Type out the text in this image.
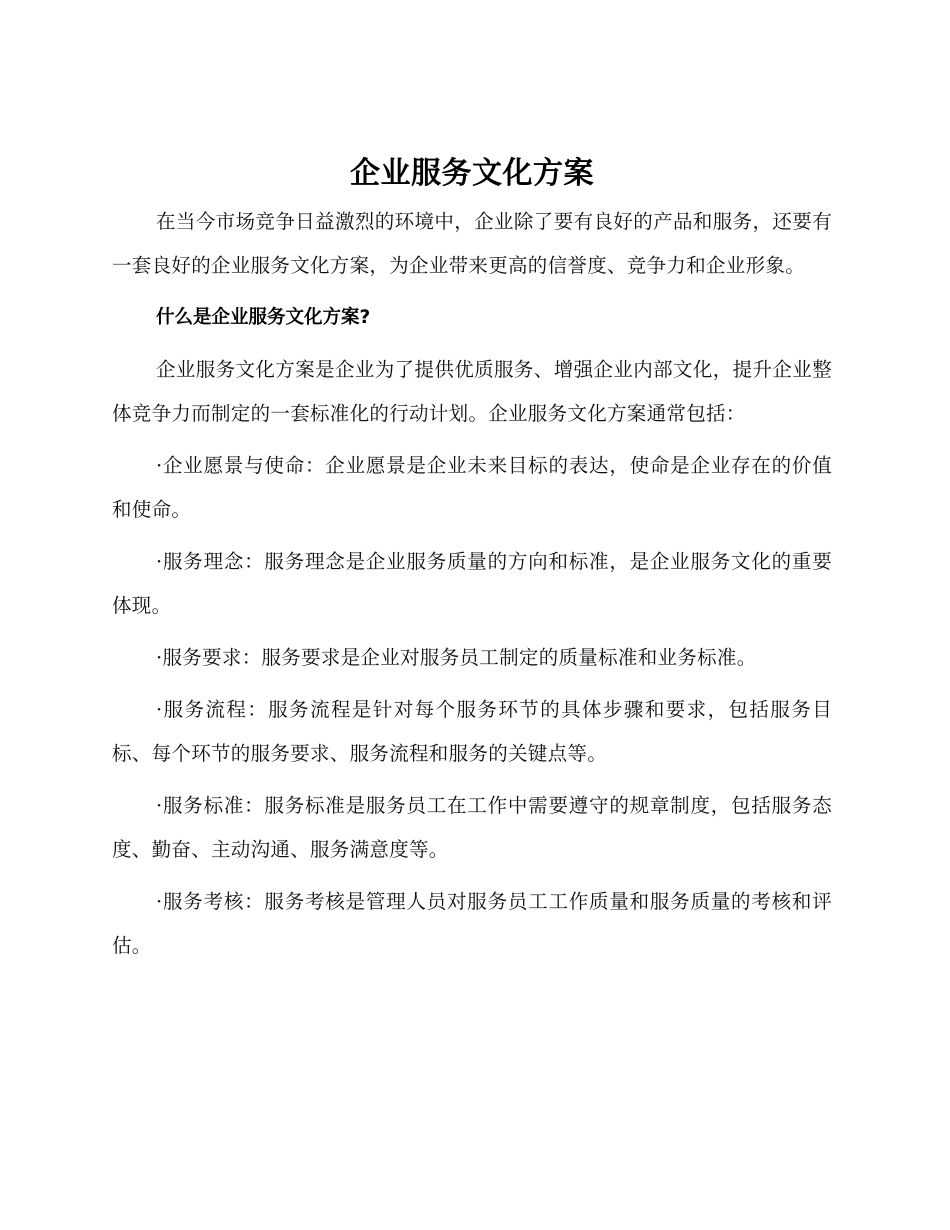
企业服务文化方案

在当今市场竞争日益激烈的环境中，企业除了要有良好的产品和服务，还要有一套良好的企业服务文化方案，为企业带来更高的信誉度、竞争力和企业形象。

什么是企业服务文化方案?

企业服务文化方案是企业为了提供优质服务、增强企业内部文化，提升企业整体竞争力而制定的一套标准化的行动计划。企业服务文化方案通常包括：

·企业愿景与使命：企业愿景是企业未来目标的表达，使命是企业存在的价值和使命。

·服务理念：服务理念是企业服务质量的方向和标准，是企业服务文化的重要体现。

·服务要求：服务要求是企业对服务员工制定的质量标准和业务标准。

·服务流程：服务流程是针对每个服务环节的具体步骤和要求，包括服务目标、每个环节的服务要求、服务流程和服务的关键点等。

·服务标准：服务标准是服务员工在工作中需要遵守的规章制度，包括服务态度、勤奋、主动沟通、服务满意度等。

·服务考核：服务考核是管理人员对服务员工工作质量和服务质量的考核和评估。
